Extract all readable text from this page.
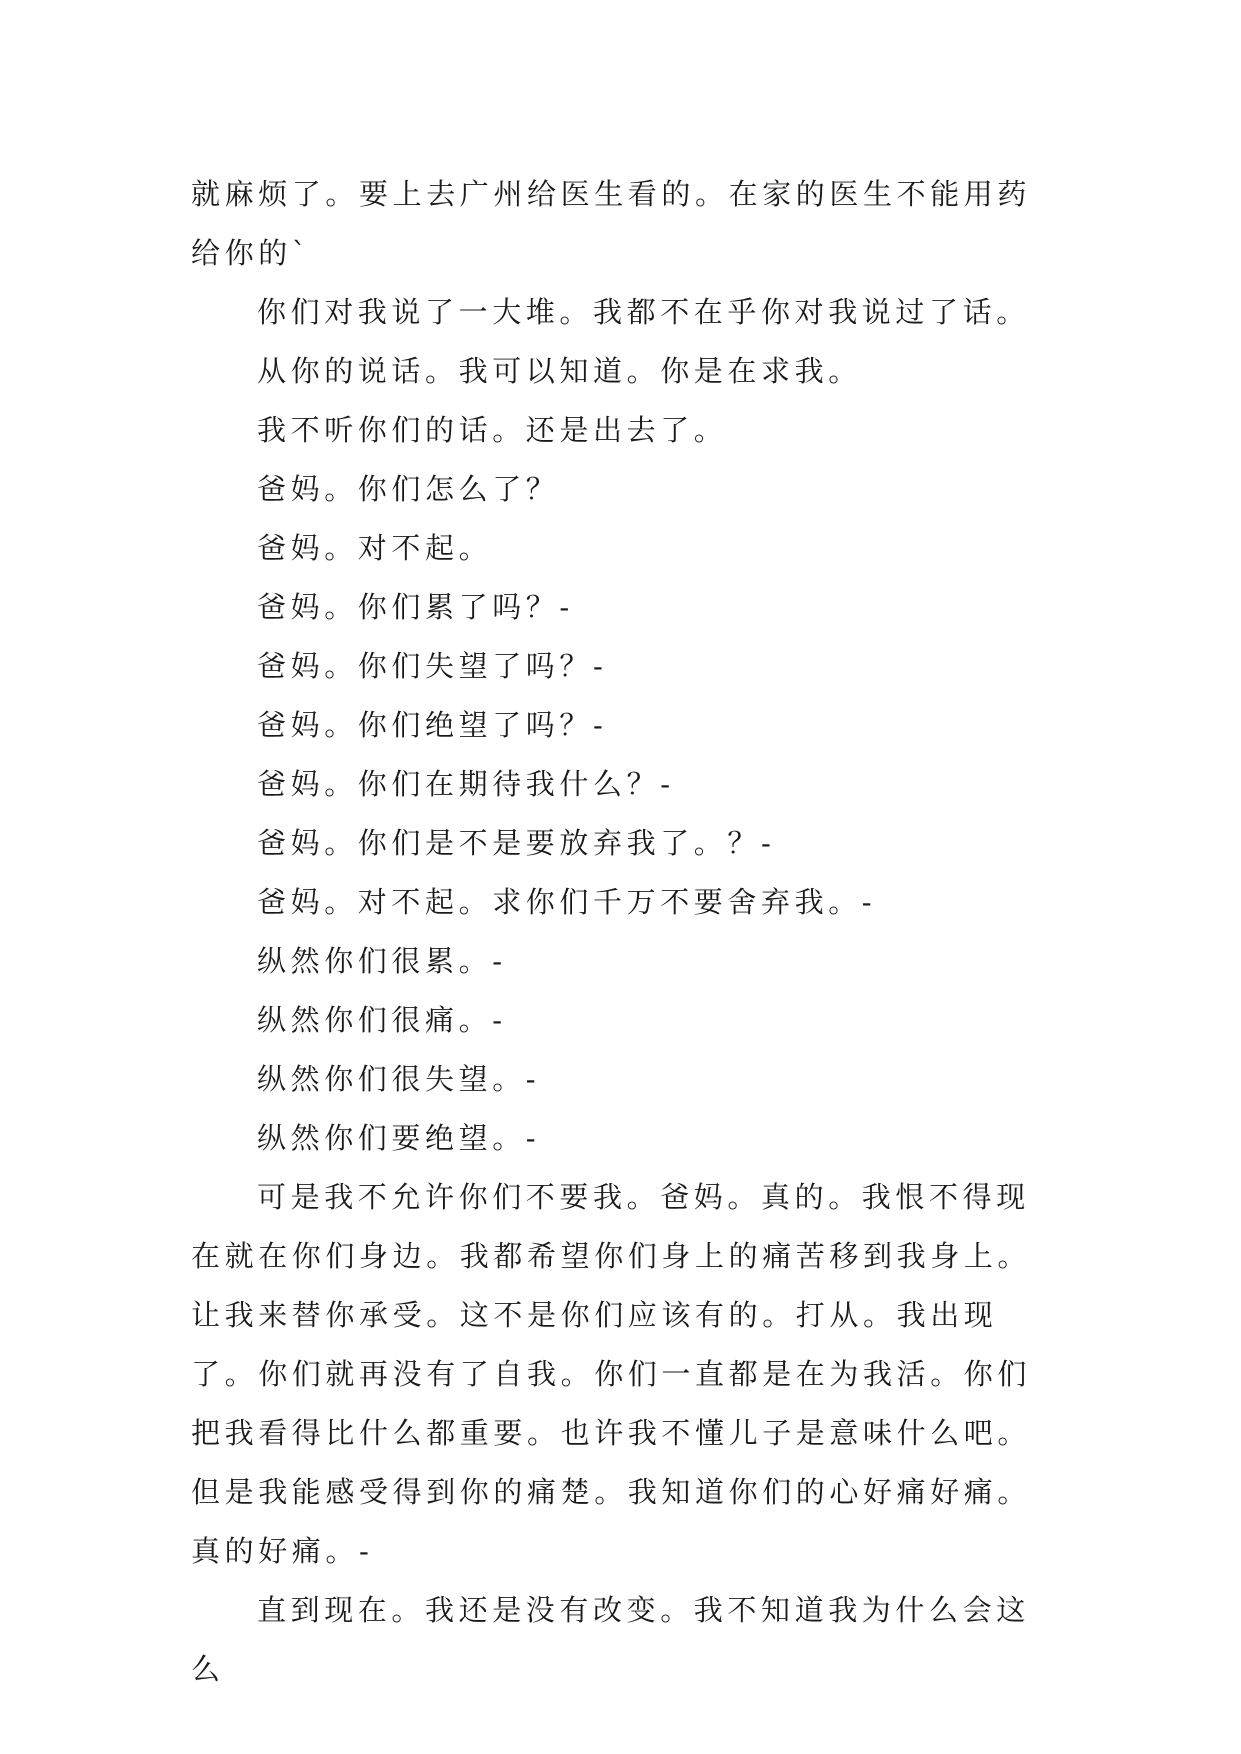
就麻烦了。要上去广州给医生看的。在家的医生不能用药给你的`

你们对我说了一大堆。我都不在乎你对我说过了话。

从你的说话。我可以知道。你是在求我。

我不听你们的话。还是出去了。

爸妈。你们怎么了？

爸妈。对不起。

爸妈。你们累了吗？-

爸妈。你们失望了吗？-

爸妈。你们绝望了吗？-

爸妈。你们在期待我什么？-

爸妈。你们是不是要放弃我了。？-

爸妈。对不起。求你们千万不要舍弃我。-

纵然你们很累。-

纵然你们很痛。-

纵然你们很失望。-

纵然你们要绝望。-

可是我不允许你们不要我。爸妈。真的。我恨不得现在就在你们身边。我都希望你们身上的痛苦移到我身上。让我来替你承受。这不是你们应该有的。打从。我出现了。你们就再没有了自我。你们一直都是在为我活。你们把我看得比什么都重要。也许我不懂儿子是意味什么吧。但是我能感受得到你的痛楚。我知道你们的心好痛好痛。真的好痛。-

直到现在。我还是没有改变。我不知道我为什么会这么
